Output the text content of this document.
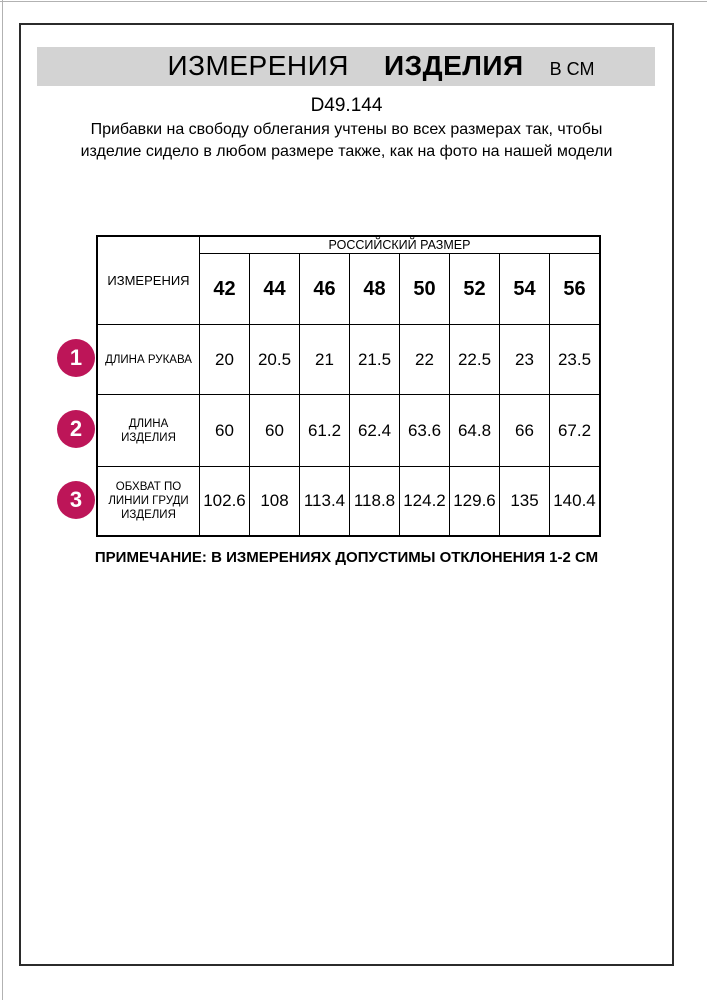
ИЗМЕРЕНИЯ ИЗДЕЛИЯ В СМ
D49.144
Прибавки на свободу облегания учтены во всех размерах так, чтобы изделие сидело в любом размере также, как на фото на нашей модели
ИЗМЕРЕНИЯ	РОССИЙСКИЙ РАЗМЕР							
	42	44	46	48	50	52	54	56
ДЛИНА РУКАВА	20	20.5	21	21.5	22	22.5	23	23.5
ДЛИНА ИЗДЕЛИЯ	60	60	61.2	62.4	63.6	64.8	66	67.2
ОБХВАТ ПО ЛИНИИ ГРУДИ ИЗДЕЛИЯ	102.6	108	113.4	118.8	124.2	129.6	135	140.4
1
2
3
ПРИМЕЧАНИЕ: В ИЗМЕРЕНИЯХ ДОПУСТИМЫ ОТКЛОНЕНИЯ 1-2 СМ
